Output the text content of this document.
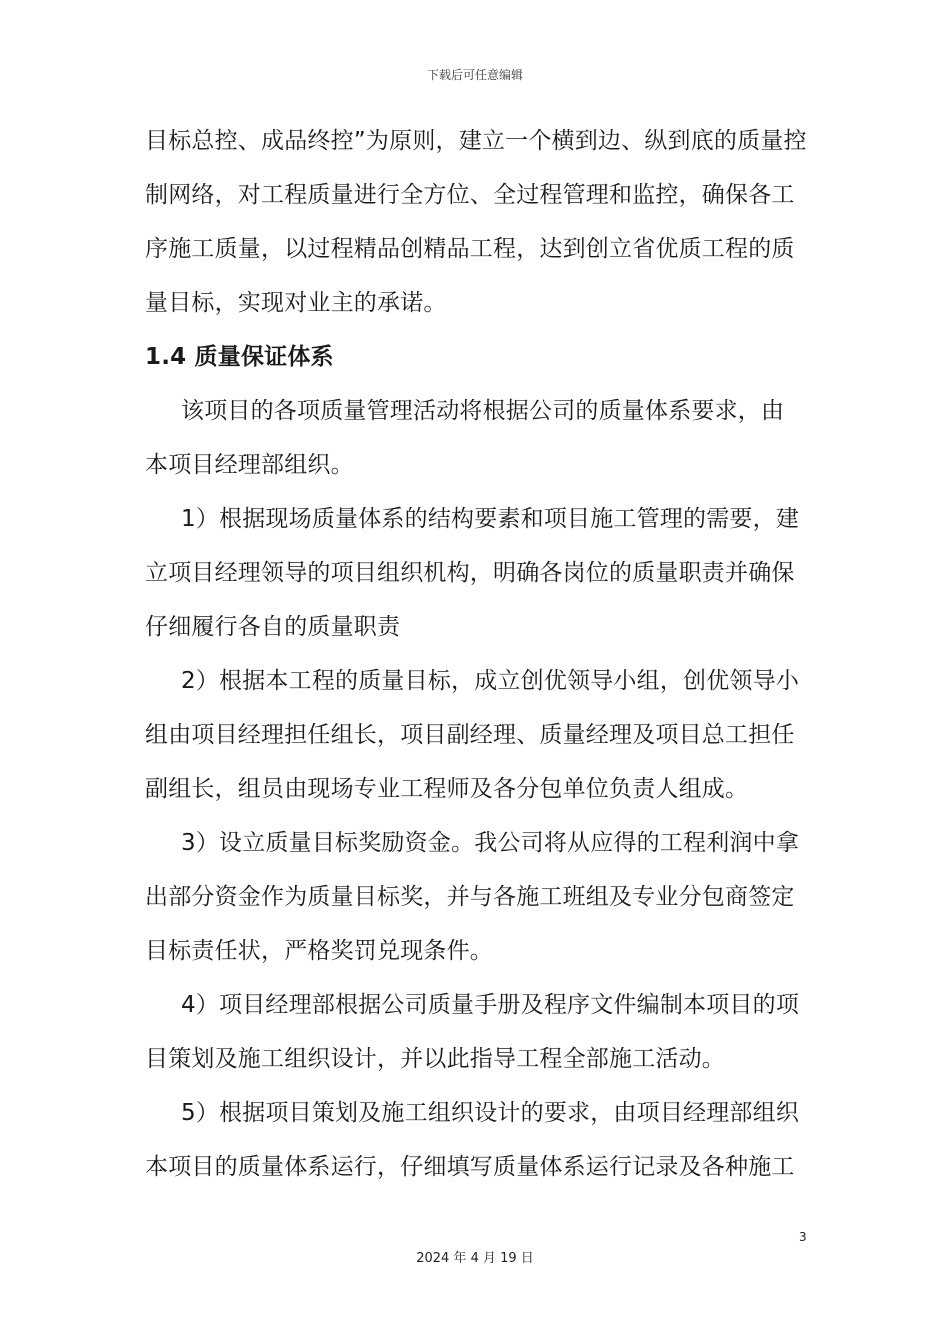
下载后可任意编辑
目标总控、成品终控”为原则，建立一个横到边、纵到底的质量控
制网络，对工程质量进行全方位、全过程管理和监控，确保各工
序施工质量，以过程精品创精品工程，达到创立省优质工程的质
量目标，实现对业主的承诺。
1.4 质量保证体系
该项目的各项质量管理活动将根据公司的质量体系要求，由
本项目经理部组织。
1）根据现场质量体系的结构要素和项目施工管理的需要，建
立项目经理领导的项目组织机构，明确各岗位的质量职责并确保
仔细履行各自的质量职责
2）根据本工程的质量目标，成立创优领导小组，创优领导小
组由项目经理担任组长，项目副经理、质量经理及项目总工担任
副组长，组员由现场专业工程师及各分包单位负责人组成。
3）设立质量目标奖励资金。我公司将从应得的工程利润中拿
出部分资金作为质量目标奖，并与各施工班组及专业分包商签定
目标责任状，严格奖罚兑现条件。
4）项目经理部根据公司质量手册及程序文件编制本项目的项
目策划及施工组织设计，并以此指导工程全部施工活动。
5）根据项目策划及施工组织设计的要求，由项目经理部组织
本项目的质量体系运行，仔细填写质量体系运行记录及各种施工
3
2024 年 4 月 19 日
